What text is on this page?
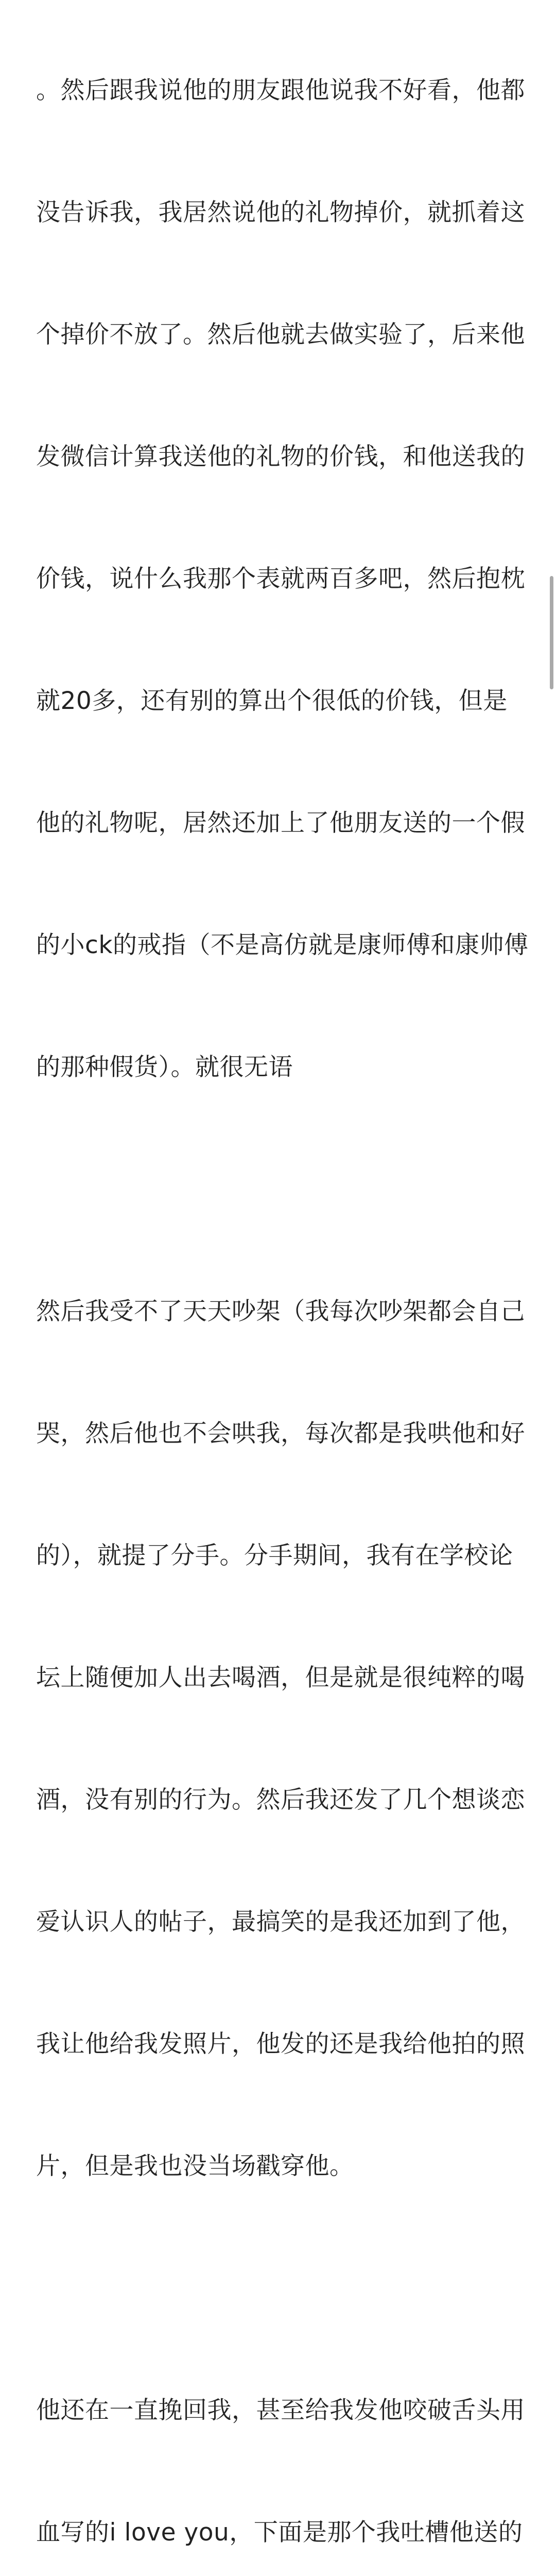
。然后跟我说他的朋友跟他说我不好看，他都

没告诉我，我居然说他的礼物掉价，就抓着这

个掉价不放了。然后他就去做实验了，后来他

发微信计算我送他的礼物的价钱，和他送我的

价钱，说什么我那个表就两百多吧，然后抱枕

就20多，还有别的算出个很低的价钱，但是

他的礼物呢，居然还加上了他朋友送的一个假

的小ck的戒指（不是高仿就是康师傅和康帅傅

的那种假货）。就很无语

然后我受不了天天吵架（我每次吵架都会自己

哭，然后他也不会哄我，每次都是我哄他和好

的），就提了分手。分手期间，我有在学校论

坛上随便加人出去喝酒，但是就是很纯粹的喝

酒，没有别的行为。然后我还发了几个想谈恋

爱认识人的帖子，最搞笑的是我还加到了他，

我让他给我发照片，他发的还是我给他拍的照

片，但是我也没当场戳穿他。

他还在一直挽回我，甚至给我发他咬破舌头用

血写的i love you，下面是那个我吐槽他送的
